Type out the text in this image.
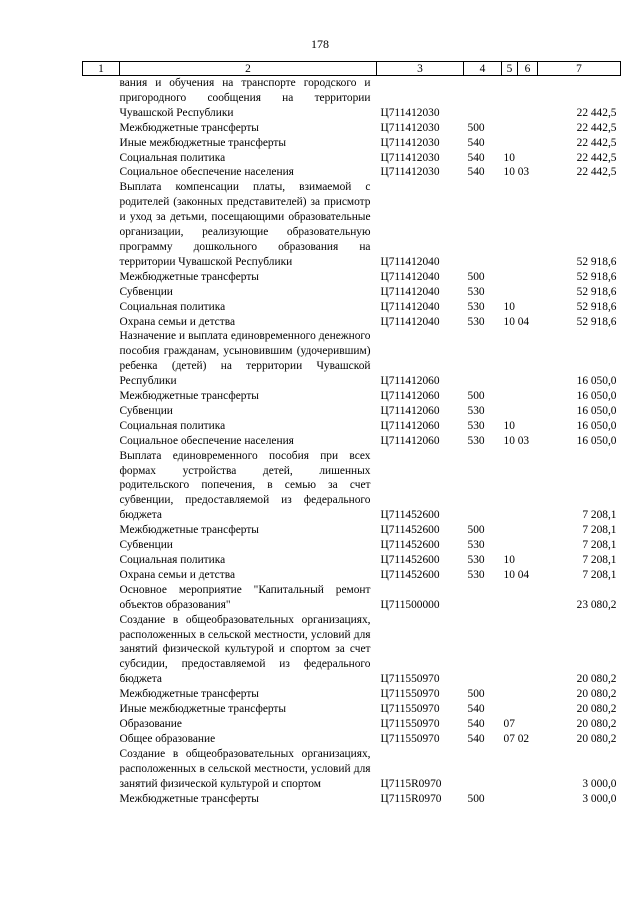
178
1	2	3	4	5	6	7
	вания и обучения на транспорте городского и пригородного сообщения на территории Чувашской Республики	Ц711412030				22 442,5
	Межбюджетные трансферты	Ц711412030	500			22 442,5
	Иные межбюджетные трансферты	Ц711412030	540			22 442,5
	Социальная политика	Ц711412030	540	10		22 442,5
	Социальное обеспечение населения	Ц711412030	540	10 03		22 442,5
	Выплата компенсации платы, взимаемой с родителей (законных представителей) за присмотр и уход за детьми, посещающими образовательные организации, реализующие образовательную программу дошкольного образования на территории Чувашской Республики	Ц711412040				52 918,6
	Межбюджетные трансферты	Ц711412040	500			52 918,6
	Субвенции	Ц711412040	530			52 918,6
	Социальная политика	Ц711412040	530	10		52 918,6
	Охрана семьи и детства	Ц711412040	530	10 04		52 918,6
	Назначение и выплата единовременного денежного пособия гражданам, усыновившим (удочерившим) ребенка (детей) на территории Чувашской Республики	Ц711412060				16 050,0
	Межбюджетные трансферты	Ц711412060	500			16 050,0
	Субвенции	Ц711412060	530			16 050,0
	Социальная политика	Ц711412060	530	10		16 050,0
	Социальное обеспечение населения	Ц711412060	530	10 03		16 050,0
	Выплата единовременного пособия при всех формах устройства детей, лишенных родительского попечения, в семью за счет субвенции, предоставляемой из федерального бюджета	Ц711452600				7 208,1
	Межбюджетные трансферты	Ц711452600	500			7 208,1
	Субвенции	Ц711452600	530			7 208,1
	Социальная политика	Ц711452600	530	10		7 208,1
	Охрана семьи и детства	Ц711452600	530	10 04		7 208,1
	Основное мероприятие "Капитальный ремонт объектов образования"	Ц711500000				23 080,2
	Создание в общеобразовательных организациях, расположенных в сельской местности, условий для занятий физической культурой и спортом за счет субсидии, предоставляемой из федерального бюджета	Ц711550970				20 080,2
	Межбюджетные трансферты	Ц711550970	500			20 080,2
	Иные межбюджетные трансферты	Ц711550970	540			20 080,2
	Образование	Ц711550970	540	07		20 080,2
	Общее образование	Ц711550970	540	07 02		20 080,2
	Создание в общеобразовательных организациях, расположенных в сельской местности, условий для занятий физической культурой и спортом	Ц7115R0970				3 000,0
	Межбюджетные трансферты	Ц7115R0970	500			3 000,0
